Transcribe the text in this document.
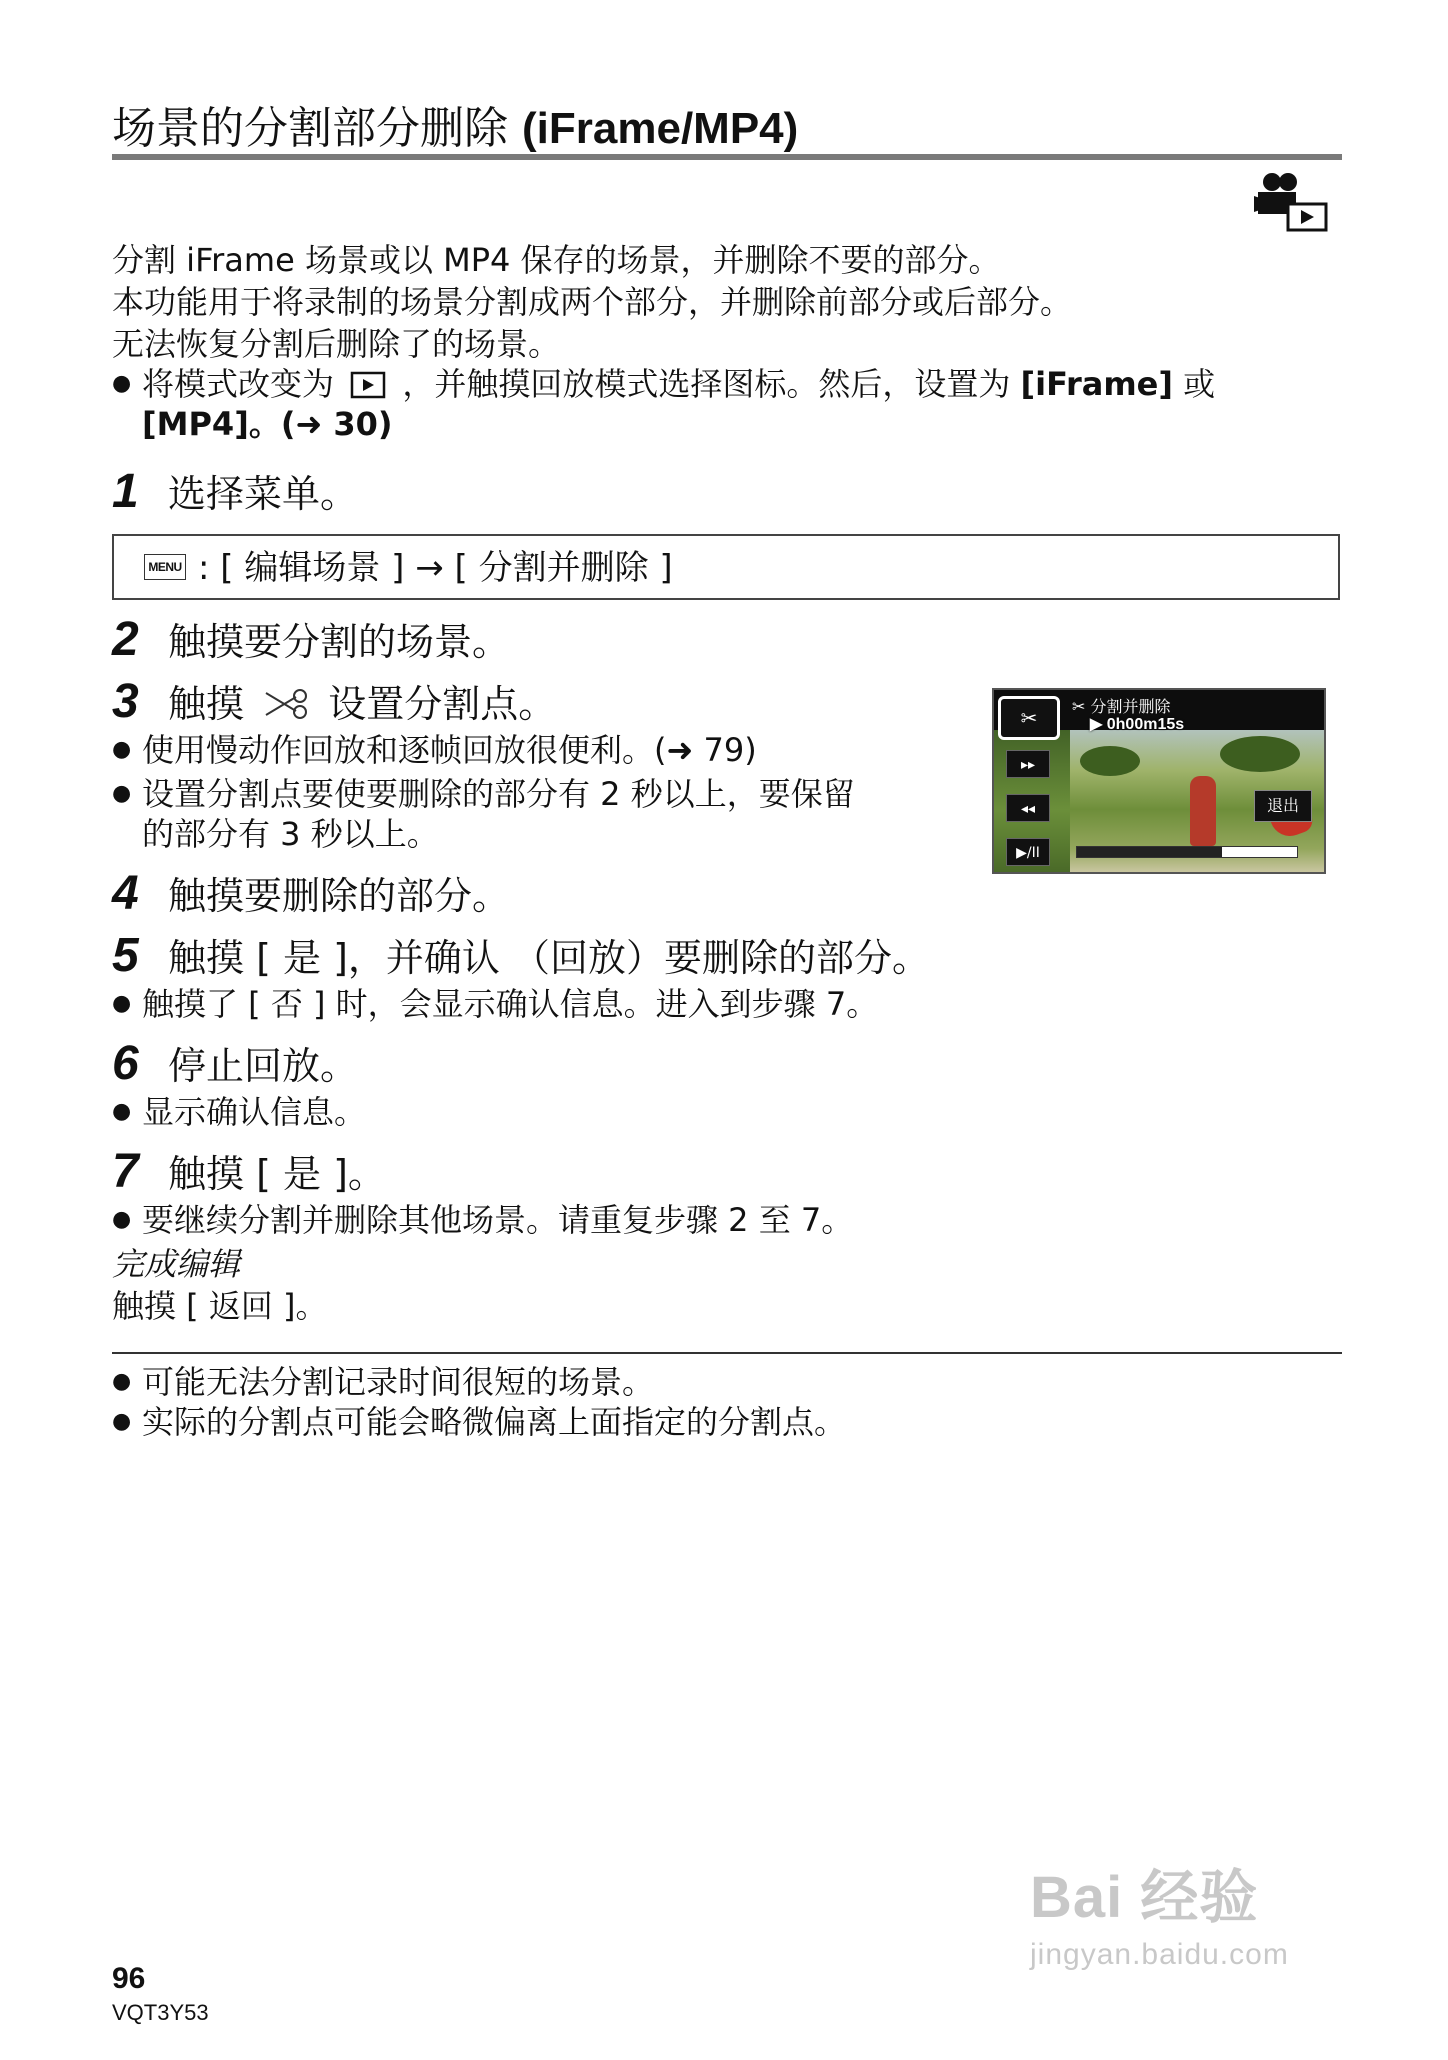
场景的分割部分删除 (iFrame/MP4)
分割 iFrame 场景或以 MP4 保存的场景，并删除不要的部分。
本功能用于将录制的场景分割成两个部分，并删除前部分或后部分。
无法恢复分割后删除了的场景。
● 将模式改变为 ，并触摸回放模式选择图标。然后，设置为 [iFrame] 或
[MP4]。(➜ 30)
1 选择菜单。
MENU : [ 编辑场景 ] → [ 分割并删除 ]
2 触摸要分割的场景。
3 触摸 设置分割点。
● 使用慢动作回放和逐帧回放很便利。(➜ 79)
● 设置分割点要使要删除的部分有 2 秒以上，要保留
的部分有 3 秒以上。
✂	✂ 分割并删除
▶ 0h00m15s
▸▸
◂◂
▶/II
退出
4 触摸要删除的部分。
5 触摸 [ 是 ]，并确认 （回放）要删除的部分。
● 触摸了 [ 否 ] 时，会显示确认信息。进入到步骤 7。
6 停止回放。
● 显示确认信息。
7 触摸 [ 是 ]。
● 要继续分割并删除其他场景。请重复步骤 2 至 7。
完成编辑
触摸 [ 返回 ]。
● 可能无法分割记录时间很短的场景。
● 实际的分割点可能会略微偏离上面指定的分割点。
Bai 经验
jingyan.baidu.com
96
VQT3Y53
